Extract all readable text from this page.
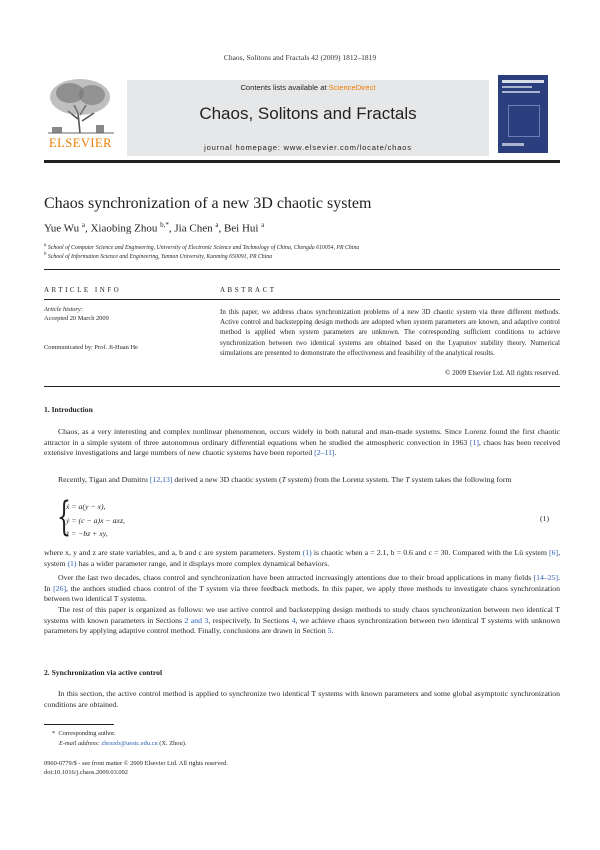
Chaos, Solitons and Fractals 42 (2009) 1812–1819
ELSEVIER
Contents lists available at ScienceDirect
Chaos, Solitons and Fractals
journal homepage: www.elsevier.com/locate/chaos
Chaos synchronization of a new 3D chaotic system
Yue Wu $^a$, Xiaobing Zhou $^{b,*}$, Jia Chen $^a$, Bei Hui $^a$
$^a$ School of Computer Science and Engineering, University of Electronic Science and Technology of China, Chengdu 610054, PR China
$^b$ School of Information Science and Engineering, Yunnan University, Kunming 650091, PR China
ARTICLE INFO
Article history:
Accepted 20 March 2009
Communicated by: Prof. Ji-Huan He
ABSTRACT
In this paper, we address chaos synchronization problems of a new 3D chaotic system via three different methods. Active control and backstepping design methods are adopted when system parameters are known, and adaptive control method is applied when system parameters are unknown. The corresponding sufficient conditions to achieve synchronization between two identical systems are obtained based on the Lyapunov stability theory. Numerical simulations are presented to demonstrate the effectiveness and feasibility of the analytical results.
© 2009 Elsevier Ltd. All rights reserved.
1. Introduction
Chaos, as a very interesting and complex nonlinear phenomenon, occurs widely in both natural and man-made systems. Since Lorenz found the first chaotic attractor in a simple system of three autonomous ordinary differential equations when he studied the atmospheric convection in 1963 [1], chaos has been received extensive investigations and large numbers of new chaotic systems have been reported [2–11].
Recently, Tigan and Dumitru [12,13] derived a new 3D chaotic system (T system) from the Lorenz system. The T system takes the following form
{
ẋ = a(y − x),
ẏ = (c − a)x − axz,
ż = −bz + xy,
(1)
where x, y and z are state variables, and a, b and c are system parameters. System (1) is chaotic when a = 2.1, b = 0.6 and c = 30. Compared with the Lü system [6], system (1) has a wider parameter range, and it displays more complex dynamical behaviors.
Over the last two decades, chaos control and synchronization have been attracted increasingly attentions due to their broad applications in many fields [14–25]. In [26], the authors studied chaos control of the T system via three feedback methods. In this paper, we apply three methods to investigate chaos synchronization between two identical T systems.
The rest of this paper is organized as follows: we use active control and backstepping design methods to study chaos synchronization between two identical T systems with known parameters in Sections 2 and 3, respectively. In Sections 4, we achieve chaos synchronization between two identical T systems with unknown parameters by applying adaptive control method. Finally, conclusions are drawn in Section 5.
2. Synchronization via active control
In this section, the active control method is applied to synchronize two identical T systems with known parameters and some global asymptotic synchronization conditions are obtained.
* Corresponding author.
E-mail address: zhouxb@uestc.edu.cn (X. Zhou).
0960-0779/$ - see front matter © 2009 Elsevier Ltd. All rights reserved.
doi:10.1016/j.chaos.2009.03.092
